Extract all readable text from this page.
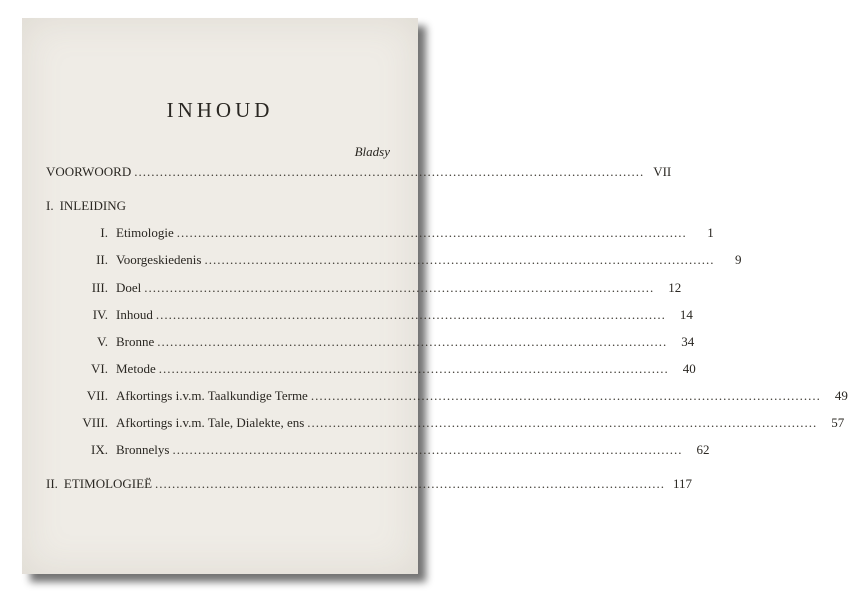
INHOUD
Bladsy
VOORWOORD ........................................................................................................................ VII
I. INLEIDING
I. Etimologie ........................................................................................................................	1
II. Voorgeskiedenis ........................................................................................................................	9
III. Doel ........................................................................................................................	12
IV. Inhoud ........................................................................................................................	14
V. Bronne ........................................................................................................................	34
VI. Metode ........................................................................................................................	40
VII. Afkortings i.v.m. Taalkundige Terme ........................................................................................................................	49
VIII. Afkortings i.v.m. Tale, Dialekte, ens ........................................................................................................................	57
IX. Bronnelys ........................................................................................................................	62
II. ETIMOLOGIEË ........................................................................................................................ 117
